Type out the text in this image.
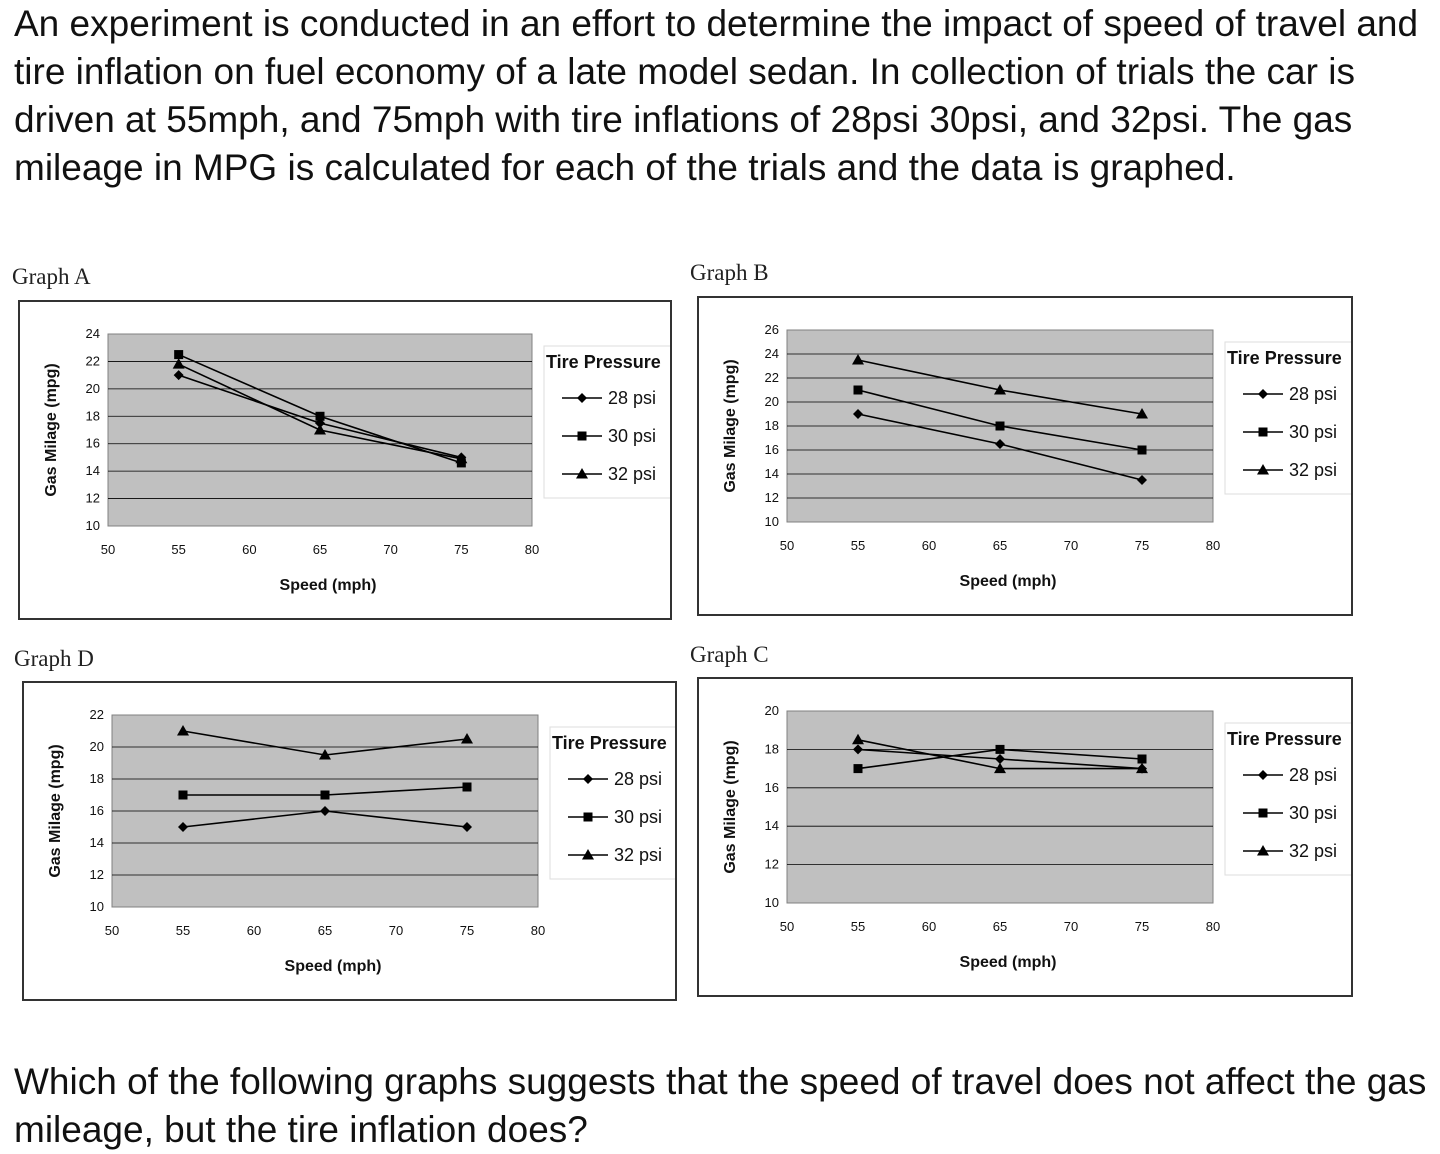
An experiment is conducted in an effort to determine the impact of speed of travel and tire inflation on fuel economy of a late model sedan. In collection of trials the car is driven at 55mph, and 75mph with tire inflations of 28psi 30psi, and 32psi. The gas mileage in MPG is calculated for each of the trials and the data is graphed.

Graph A
10
12
14
16
18
20
22
24
50	55	60	65	70	75	80
Speed (mph)
Gas Milage (mpg)
Tire Pressure
28 psi
30 psi
32 psi
Graph B
10
12
14
16
18
20
22
24
26
50	55	60	65	70	75	80
Speed (mph)
Gas Milage (mpg)
Tire Pressure
28 psi
30 psi
32 psi
Graph D
10
12
14
16
18
20
22
50	55	60	65	70	75	80
Speed (mph)
Gas Milage (mpg)
Tire Pressure
28 psi
30 psi
32 psi
Graph C
10
12
14
16
18
20
50	55	60	65	70	75	80
Speed (mph)
Gas Milage (mpg)
Tire Pressure
28 psi
30 psi
32 psi

Which of the following graphs suggests that the speed of travel does not affect the gas mileage, but the tire inflation does?
